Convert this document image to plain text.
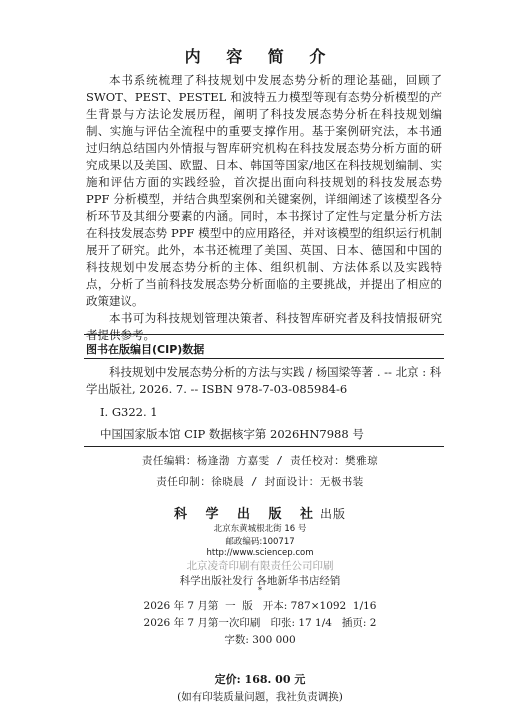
内 容 简 介

本书系统梳理了科技规划中发展态势分析的理论基础，回顾了 SWOT、PEST、PESTEL 和波特五力模型等现有态势分析模型的产生背景与方法论发展历程，阐明了科技发展态势分析在科技规划编制、实施与评估全流程中的重要支撑作用。基于案例研究法，本书通过归纳总结国内外情报与智库研究机构在科技发展态势分析方面的研究成果以及美国、欧盟、日本、韩国等国家/地区在科技规划编制、实施和评估方面的实践经验，首次提出面向科技规划的科技发展态势 PPF 分析模型，并结合典型案例和关键案例，详细阐述了该模型各分析环节及其细分要素的内涵。同时，本书探讨了定性与定量分析方法在科技发展态势 PPF 模型中的应用路径，并对该模型的组织运行机制展开了研究。此外，本书还梳理了美国、英国、日本、德国和中国的科技规划中发展态势分析的主体、组织机制、方法体系以及实践特点，分析了当前科技发展态势分析面临的主要挑战，并提出了相应的政策建议。

本书可为科技规划管理决策者、科技智库研究者及科技情报研究者提供参考。

图书在版编目(CIP)数据

科技规划中发展态势分析的方法与实践 / 杨国梁等著 . -- 北京 : 科学出版社, 2026. 7. -- ISBN 978-7-03-085984-6

Ⅰ. G322. 1
中国国家版本馆 CIP 数据核字第 2026HN7988 号
责任编辑：杨逢渤 方嘉雯 / 责任校对：樊雅琼
责任印制：徐晓晨 / 封面设计：无极书装
科 学 出 版 社出版
北京东黄城根北街 16 号
邮政编码:100717
http://www.sciencep.com
北京凌奇印刷有限责任公司印刷
科学出版社发行 各地新华书店经销
*
2026 年 7 月第  一  版   开本: 787×1092  1/16
2026 年 7 月第一次印刷   印张: 17 1/4   插页: 2
字数: 300 000
定价: 168. 00 元
(如有印装质量问题，我社负责调换)
